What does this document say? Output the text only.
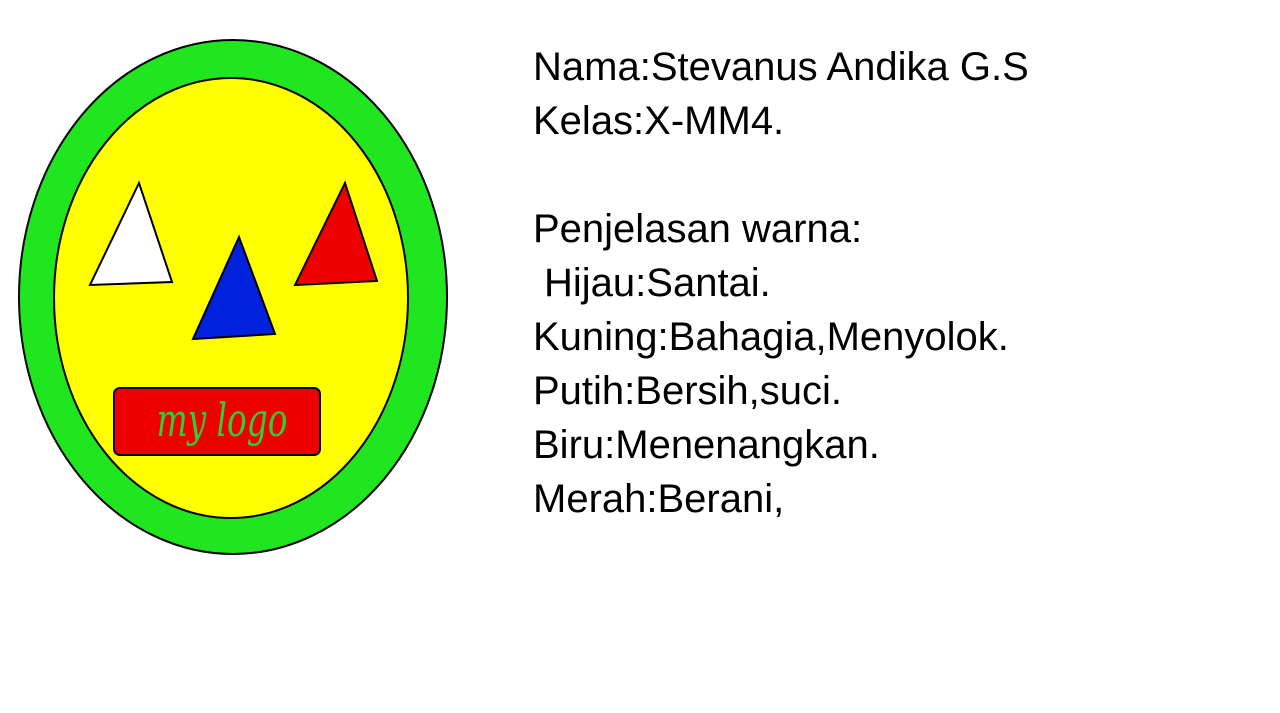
my logo
Nama:Stevanus Andika G.S
Kelas:X-MM4.
Penjelasan warna:
Hijau:Santai.
Kuning:Bahagia,Menyolok.
Putih:Bersih,suci.
Biru:Menenangkan.
Merah:Berani,
